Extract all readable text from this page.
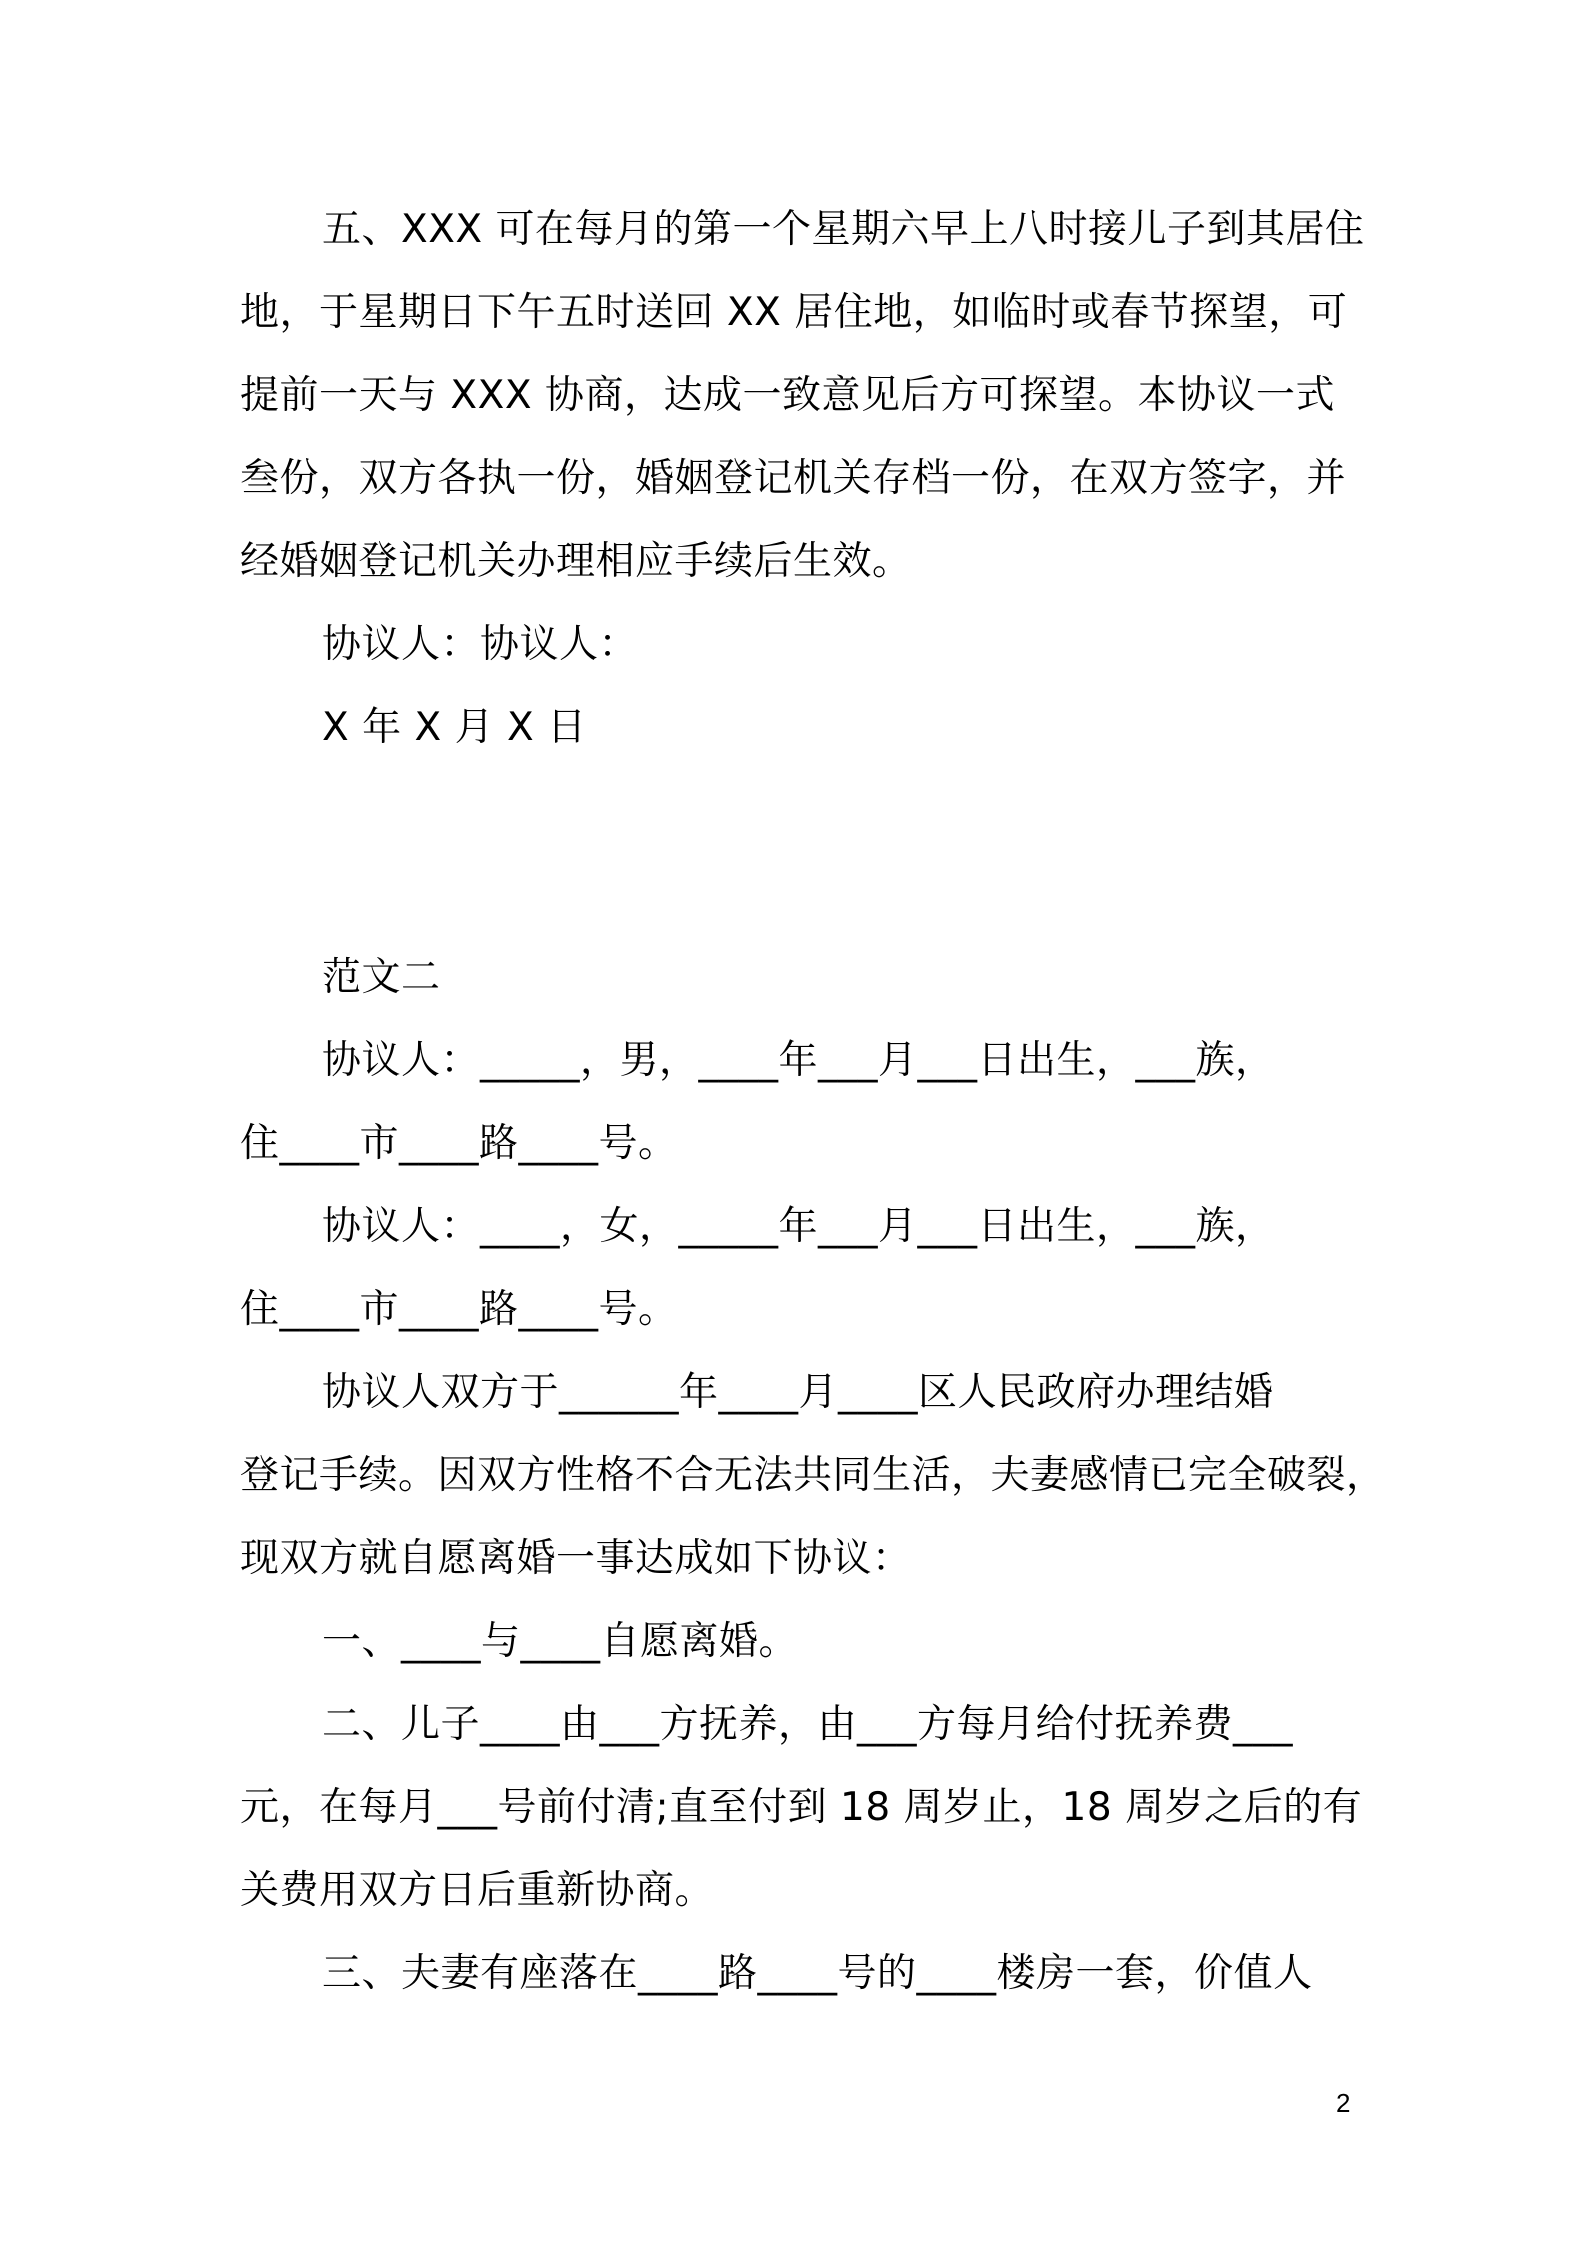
五、XXX 可在每月的第一个星期六早上八时接儿子到其居住
地，于星期日下午五时送回 XX 居住地，如临时或春节探望，可
提前一天与 XXX 协商，达成一致意见后方可探望。本协议一式
叁份，双方各执一份，婚姻登记机关存档一份，在双方签字，并
经婚姻登记机关办理相应手续后生效。
协议人：协议人：
X 年 X 月 X 日
范文二
协议人：_____，男，____年___月___日出生，___族，
住____市____路____号。
协议人：____，女，_____年___月___日出生，___族，
住____市____路____号。
协议人双方于______年____月____区人民政府办理结婚
登记手续。因双方性格不合无法共同生活，夫妻感情已完全破裂，
现双方就自愿离婚一事达成如下协议：
一、____与____自愿离婚。
二、儿子____由___方抚养，由___方每月给付抚养费___
元，在每月___号前付清;直至付到 18 周岁止，18 周岁之后的有
关费用双方日后重新协商。
三、夫妻有座落在____路____号的____楼房一套，价值人
2
